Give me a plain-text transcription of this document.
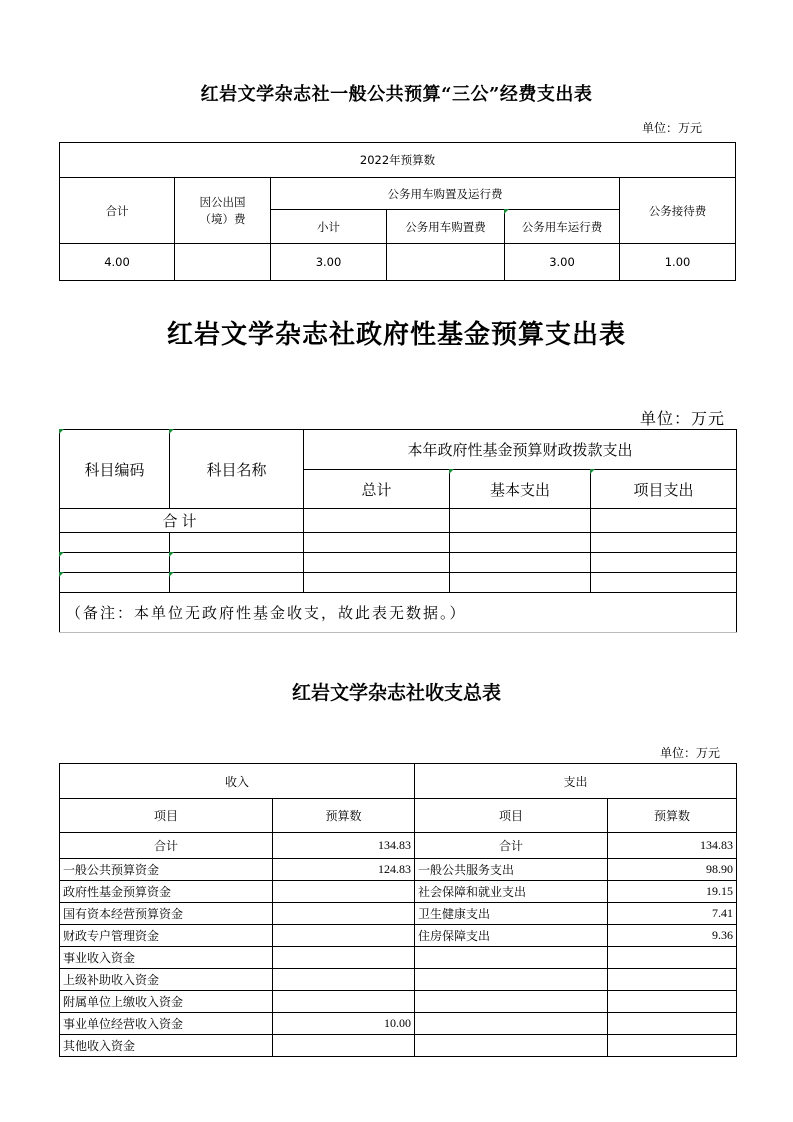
红岩文学杂志社一般公共预算“三公”经费支出表
单位：万元
2022年预算数					
合计	因公出国（境）费	公务用车购置及运行费			公务接待费
		小计	公务用车购置费	公务用车运行费	
4.00		3.00		3.00	1.00
红岩文学杂志社政府性基金预算支出表
单位：万元
科目编码	科目名称	本年政府性基金预算财政拨款支出		
		总计	基本支出	项目支出
合计				

（备注：本单位无政府性基金收支，故此表无数据。）				
红岩文学杂志社收支总表
单位：万元
收入		支出	
项目	预算数	项目	预算数
合计	134.83	合计	134.83
一般公共预算资金	124.83	一般公共服务支出	98.90
政府性基金预算资金		社会保障和就业支出	19.15
国有资本经营预算资金		卫生健康支出	7.41
财政专户管理资金		住房保障支出	9.36
事业收入资金			
上级补助收入资金			
附属单位上缴收入资金			
事业单位经营收入资金	10.00		
其他收入资金			
